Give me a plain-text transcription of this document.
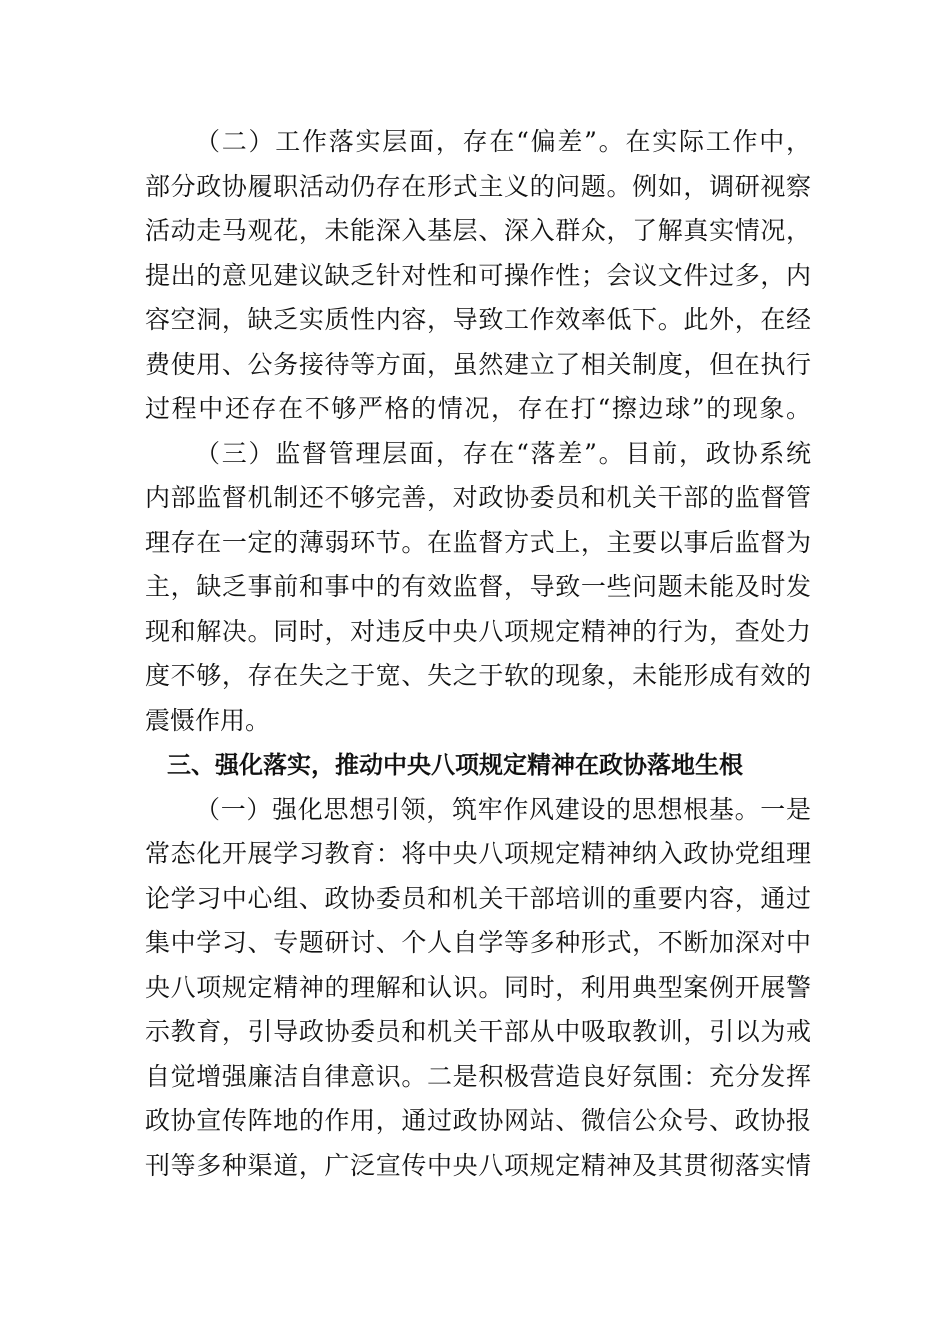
（二）工作落实层面，存在“偏差”。在实际工作中，
部分政协履职活动仍存在形式主义的问题。例如，调研视察
活动走马观花，未能深入基层、深入群众，了解真实情况，
提出的意见建议缺乏针对性和可操作性；会议文件过多，内
容空洞，缺乏实质性内容，导致工作效率低下。此外，在经
费使用、公务接待等方面，虽然建立了相关制度，但在执行
过程中还存在不够严格的情况，存在打“擦边球”的现象。
（三）监督管理层面，存在“落差”。目前，政协系统
内部监督机制还不够完善，对政协委员和机关干部的监督管
理存在一定的薄弱环节。在监督方式上，主要以事后监督为
主，缺乏事前和事中的有效监督，导致一些问题未能及时发
现和解决。同时，对违反中央八项规定精神的行为，查处力
度不够，存在失之于宽、失之于软的现象，未能形成有效的
震慑作用。
三、强化落实，推动中央八项规定精神在政协落地生根
（一）强化思想引领，筑牢作风建设的思想根基。一是
常态化开展学习教育：将中央八项规定精神纳入政协党组理
论学习中心组、政协委员和机关干部培训的重要内容，通过
集中学习、专题研讨、个人自学等多种形式，不断加深对中
央八项规定精神的理解和认识。同时，利用典型案例开展警
示教育，引导政协委员和机关干部从中吸取教训，引以为戒
自觉增强廉洁自律意识。二是积极营造良好氛围：充分发挥
政协宣传阵地的作用，通过政协网站、微信公众号、政协报
刊等多种渠道，广泛宣传中央八项规定精神及其贯彻落实情
